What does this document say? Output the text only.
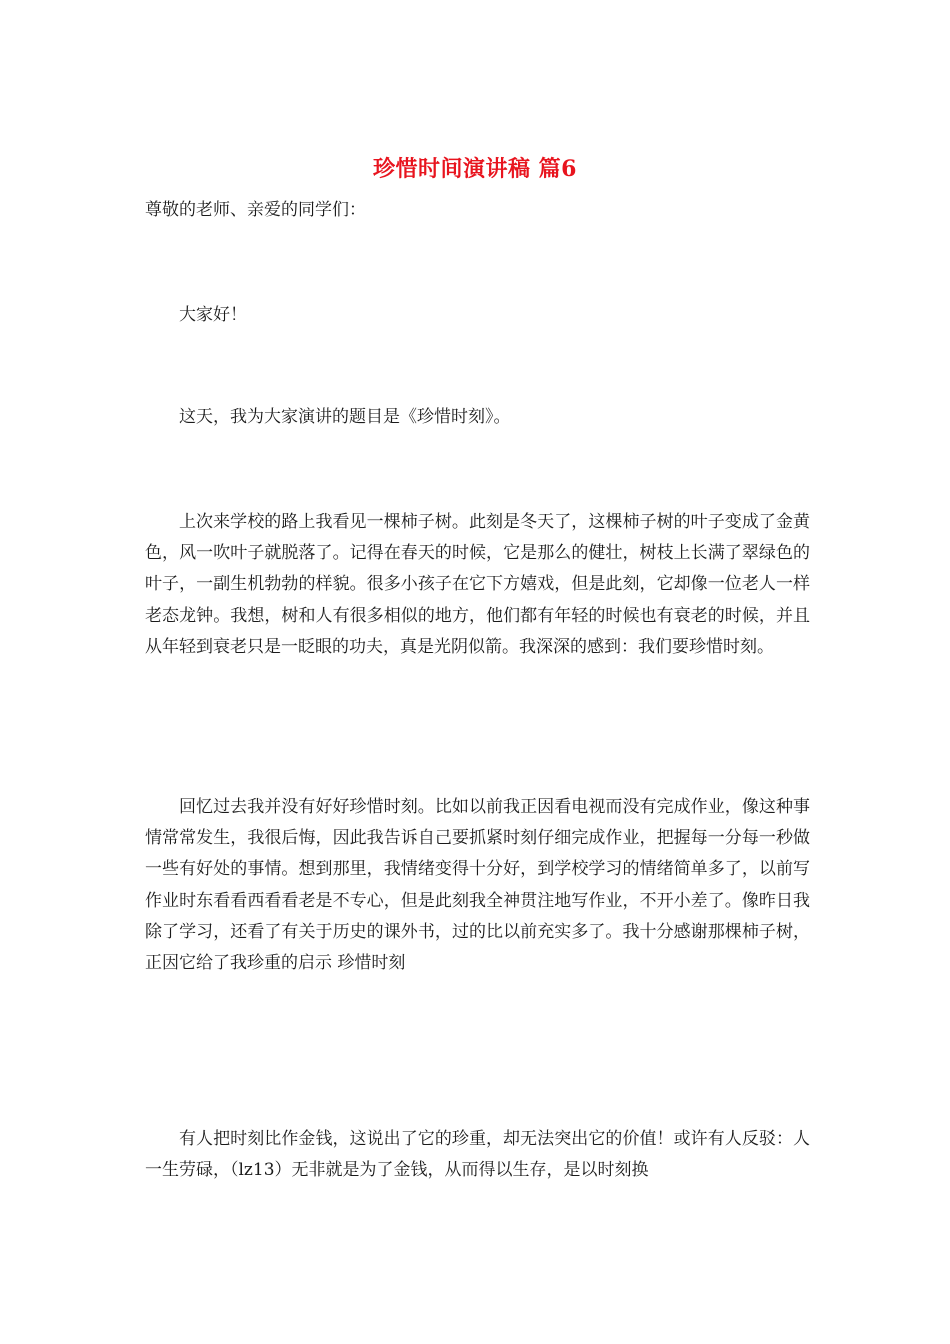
珍惜时间演讲稿 篇6
尊敬的老师、亲爱的同学们：

大家好！

这天，我为大家演讲的题目是《珍惜时刻》。

上次来学校的路上我看见一棵柿子树。此刻是冬天了，这棵柿子树的叶子变成了金黄色，风一吹叶子就脱落了。记得在春天的时候，它是那么的健壮，树枝上长满了翠绿色的叶子，一副生机勃勃的样貌。很多小孩子在它下方嬉戏，但是此刻，它却像一位老人一样老态龙钟。我想，树和人有很多相似的地方，他们都有年轻的时候也有衰老的时候，并且从年轻到衰老只是一眨眼的功夫，真是光阴似箭。我深深的感到：我们要珍惜时刻。

回忆过去我并没有好好珍惜时刻。比如以前我正因看电视而没有完成作业，像这种事情常常发生，我很后悔，因此我告诉自己要抓紧时刻仔细完成作业，把握每一分每一秒做一些有好处的事情。想到那里，我情绪变得十分好，到学校学习的情绪简单多了，以前写作业时东看看西看看老是不专心，但是此刻我全神贯注地写作业，不开小差了。像昨日我除了学习，还看了有关于历史的课外书，过的比以前充实多了。我十分感谢那棵柿子树，正因它给了我珍重的启示 珍惜时刻

有人把时刻比作金钱，这说出了它的珍重，却无法突出它的价值！或许有人反驳：人一生劳碌，（lz13）无非就是为了金钱，从而得以生存，是以时刻换
